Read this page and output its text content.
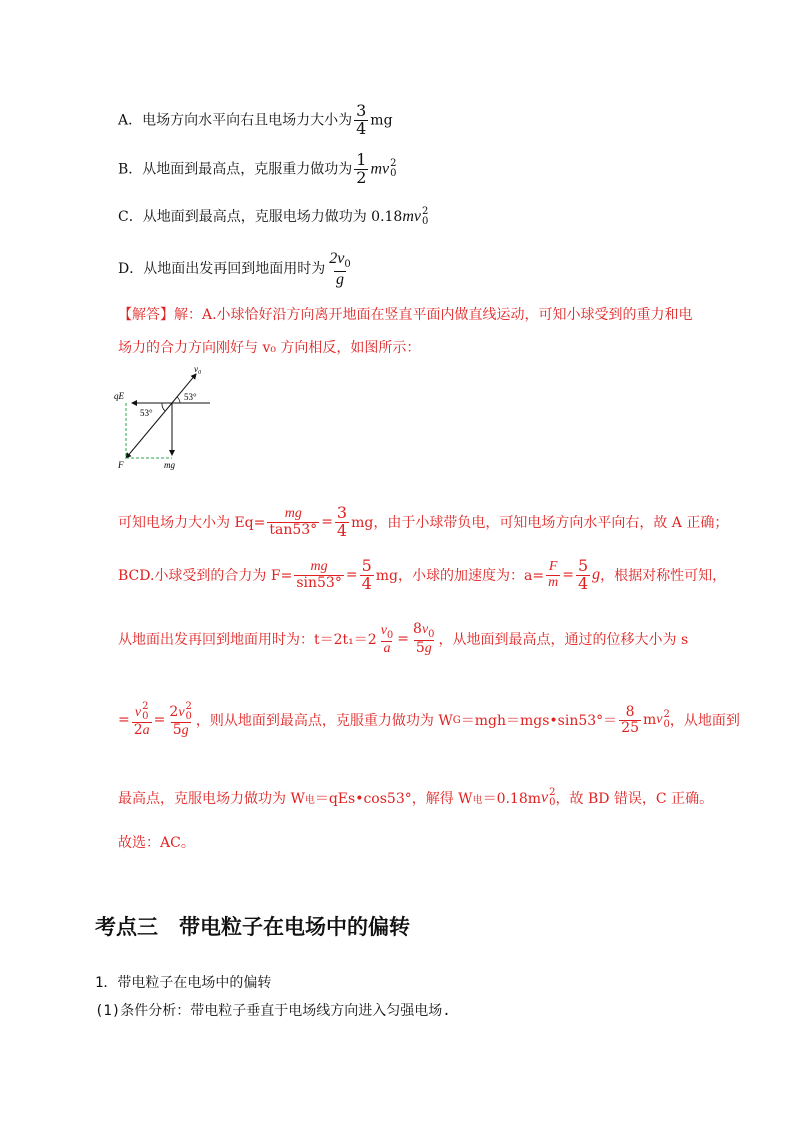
A．电场方向水平向右且电场力大小为 $\frac{3}{4}$ mg
B．从地面到最高点，克服重力做功为 $\frac{1}{2}$ mv 2
0
C．从地面到最高点，克服电场力做功为 0.18mv 2
0
D．从地面出发再回到地面用时为 $\frac{2v_0}{g}$
【解答】解：A.小球恰好沿方向离开地面在竖直平面内做直线运动，可知小球受到的重力和电
场力的合力方向刚好与 v₀ 方向相反，如图所示：
$v_0$
qE	53°
53°
F	mg
可知电场力大小为 $Eq= \frac{mg}{\tan 53^\circ} = \frac{3}{4}$ mg，由于小球带负电，可知电场方向水平向右，故 A 正确；
BCD.小球受到的合力为 $F= \frac{mg}{\sin 53^\circ} = \frac{5}{4}$ mg，小球的加速度为：$a= \frac{F}{m} = \frac{5}{4}$ g ，根据对称性可知，
从地面出发再回到地面用时为：$t=2t_1=2 \frac{v_0}{a} = \frac{8v_0}{5g}$ ，从地面到最高点，通过的位移大小为 s
= v 2
0
2a = 2v 2
0
5g ，则从地面到最高点，克服重力做功为 W G ＝mgh＝mgs•sin53°＝ $\frac{8}{25}$ m v 2
0 ，从地面到
最高点，克服电场力做功为 W 电 ＝qEs•cos53°，解得 W 电 ＝0.18m v 2
0 ，故 BD 错误，C 正确。
故选：AC。
考点三　带电粒子在电场中的偏转
1．带电粒子在电场中的偏转
(1)条件分析：带电粒子垂直于电场线方向进入匀强电场.
